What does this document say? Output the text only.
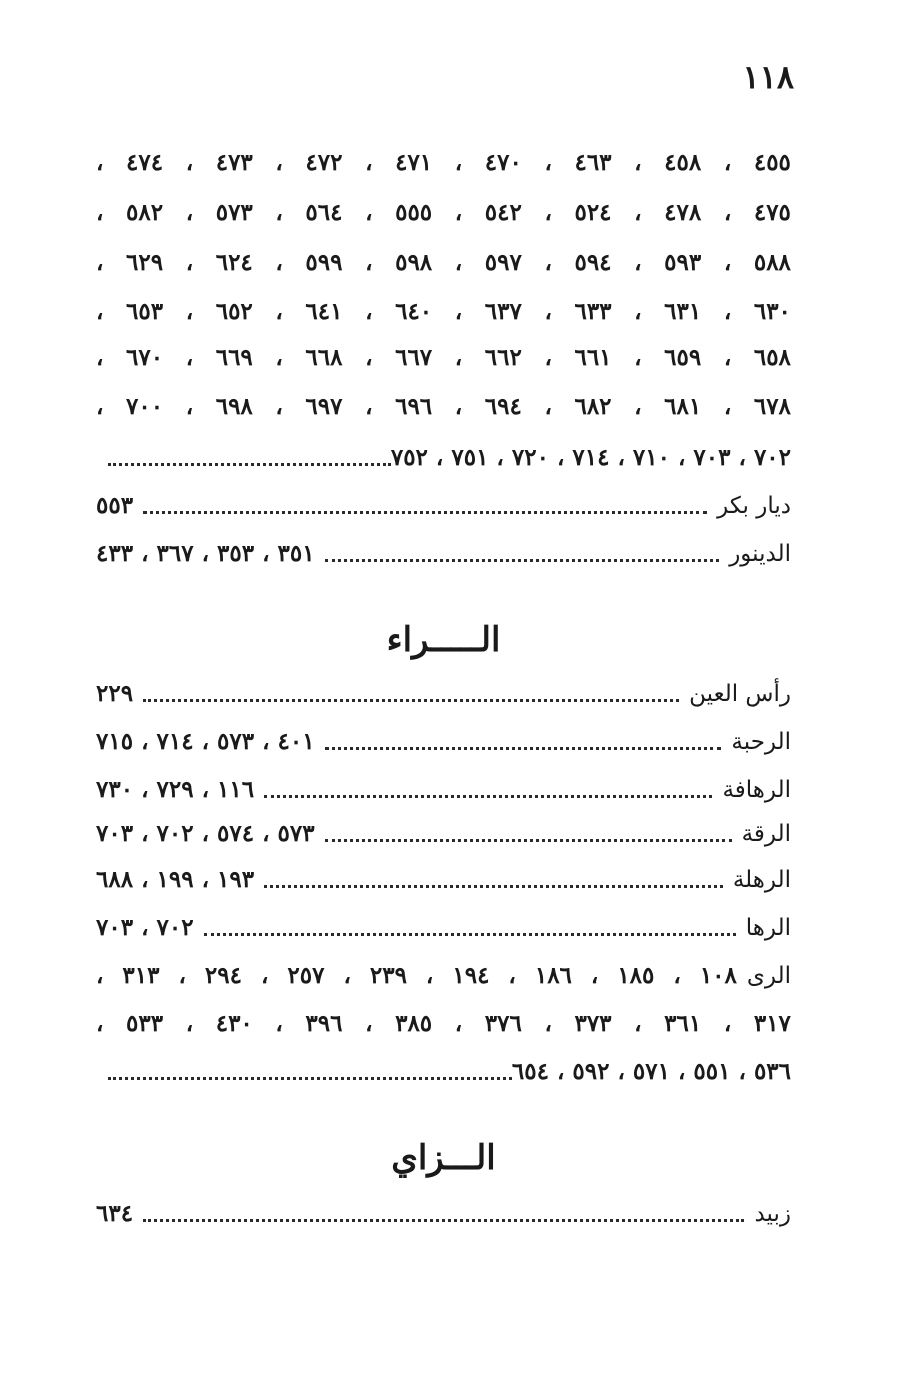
١١٨
٤٥٥ ، ٤٥٨ ، ٤٦٣ ، ٤٧٠ ، ٤٧١ ، ٤٧٢ ، ٤٧٣ ، ٤٧٤ ،
٤٧٥ ، ٤٧٨ ، ٥٢٤ ، ٥٤٢ ، ٥٥٥ ، ٥٦٤ ، ٥٧٣ ، ٥٨٢ ،
٥٨٨ ، ٥٩٣ ، ٥٩٤ ، ٥٩٧ ، ٥٩٨ ، ٥٩٩ ، ٦٢٤ ، ٦٢٩ ،
٦٣٠ ، ٦٣١ ، ٦٣٣ ، ٦٣٧ ، ٦٤٠ ، ٦٤١ ، ٦٥٢ ، ٦٥٣ ،
٦٥٨ ، ٦٥٩ ، ٦٦١ ، ٦٦٢ ، ٦٦٧ ، ٦٦٨ ، ٦٦٩ ، ٦٧٠ ،
٦٧٨ ، ٦٨١ ، ٦٨٢ ، ٦٩٤ ، ٦٩٦ ، ٦٩٧ ، ٦٩٨ ، ٧٠٠ ،
٧٠٢ ، ٧٠٣ ، ٧١٠ ، ٧١٤ ، ٧٢٠ ، ٧٥١ ، ٧٥٢
ديار بكر
٥٥٣
الدينور
٣٥١ ، ٣٥٣ ، ٣٦٧ ، ٤٣٣
الـــــراء
رأس العين
٢٢٩
الرحبة
٤٠١ ، ٥٧٣ ، ٧١٤ ، ٧١٥
الرهافة
١١٦ ، ٧٢٩ ، ٧٣٠
الرقة
٥٧٣ ، ٥٧٤ ، ٧٠٢ ، ٧٠٣
الرهلة
١٩٣ ، ١٩٩ ، ٦٨٨
الرها
٧٠٢ ، ٧٠٣
الرى
١٠٨ ، ١٨٥ ، ١٨٦ ، ١٩٤ ، ٢٣٩ ، ٢٥٧ ، ٢٩٤ ، ٣١٣ ،
٣١٧ ، ٣٦١ ، ٣٧٣ ، ٣٧٦ ، ٣٨٥ ، ٣٩٦ ، ٤٣٠ ، ٥٣٣ ،
٥٣٦ ، ٥٥١ ، ٥٧١ ، ٥٩٢ ، ٦٥٤
الـــزاي
زبيد
٦٣٤
